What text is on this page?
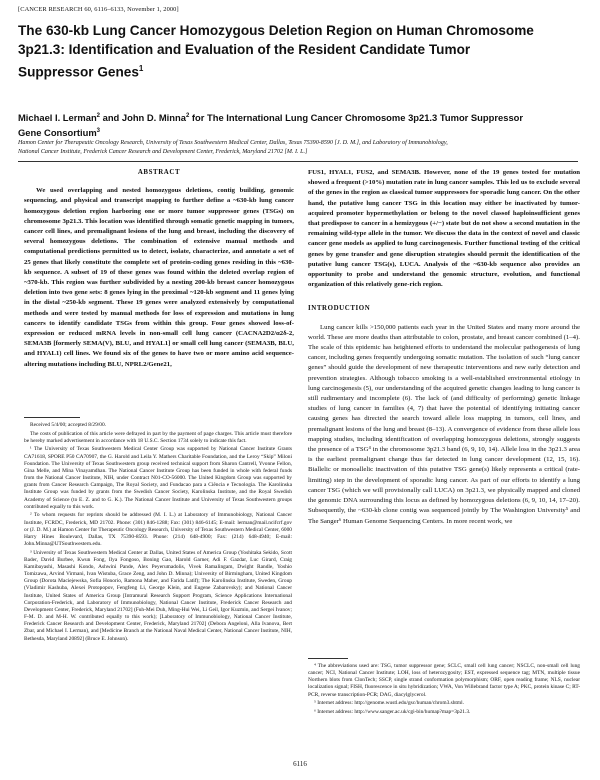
[CANCER RESEARCH 60, 6116–6133, November 1, 2000]
The 630-kb Lung Cancer Homozygous Deletion Region on Human Chromosome
3p21.3: Identification and Evaluation of the Resident Candidate Tumor
Suppressor Genes$^1$
Michael I. Lerman$^2$ and John D. Minna$^2$ for The International Lung Cancer Chromosome 3p21.3 Tumor Suppressor
Gene Consortium$^3$
Hamon Center for Therapeutic Oncology Research, University of Texas Southwestern Medical Center, Dallas, Texas 75390-8590 [J. D. M.], and Laboratory of Immunobiology,
National Cancer Institute, Frederick Cancer Research and Development Center, Frederick, Maryland 21702 [M. I. L.]
ABSTRACT

We used overlapping and nested homozygous deletions, contig building, genomic sequencing, and physical and transcript mapping to further define a ~630-kb lung cancer homozygous deletion region harboring one or more tumor suppressor genes (TSGs) on chromosome 3p21.3. This location was identified through somatic genetic mapping in tumors, cancer cell lines, and premalignant lesions of the lung and breast, including the discovery of several homozygous deletions. The combination of extensive manual methods and computational predictions permitted us to detect, isolate, characterize, and annotate a set of 25 genes that likely constitute the complete set of protein-coding genes residing in this ~630-kb sequence. A subset of 19 of these genes was found within the deleted overlap region of ~370-kb. This region was further subdivided by a nesting 200-kb breast cancer homozygous deletion into two gene sets: 8 genes lying in the proximal ~120-kb segment and 11 genes lying in the distal ~250-kb segment. These 19 genes were analyzed extensively by computational methods and were tested by manual methods for loss of expression and mutations in lung cancers to identify candidate TSGs from within this group. Four genes showed loss-of-expression or reduced mRNA levels in non-small cell lung cancer (CACNA2D2/α2δ-2, SEMA3B [formerly SEMA(V), BLU, and HYAL1] or small cell lung cancer (SEMA3B, BLU, and HYAL1) cell lines. We found six of the genes to have two or more amino acid sequence-altering mutations including BLU, NPRL2/Gene21,

Received 5/4/00; accepted 8/29/00.

The costs of publication of this article were defrayed in part by the payment of page charges. This article must therefore be hereby marked advertisement in accordance with 18 U.S.C. Section 1734 solely to indicate this fact.

¹ The University of Texas Southwestern Medical Center Group was supported by National Cancer Institute Grants CA71618, SPORE P50 CA70907, the G. Harold and Leila Y. Mathers Charitable Foundation, and the Leroy “Skip” Miloni Foundation. The University of Texas Southwestern group received technical support from Sharon Cantrell, Yvonne Fellon, Gina Melle, and Mina Vinayamdhan. The National Cancer Institute Group has been funded in whole with federal funds from the National Cancer Institute, NIH, under Contract N01-CO-56000. The United Kingdom Group was supported by grants from Cancer Research Campaign, The Royal Society, and Fundacao para a Ciência e Tecnologia. The Karolinska Institute Group was funded by grants from the Swedish Cancer Society, Karolinska Institute, and the Royal Swedish Academy of Science (to E. Z. and to G. K.). The National Cancer Institute and University of Texas Southwestern groups contributed equally to this work.

² To whom requests for reprints should be addressed (M. I. L.) at Laboratory of Immunobiology, National Cancer Institute, FCRDC, Frederick, MD 21702. Phone: (301) 846-1288; Fax: (301) 846-6145; E-mail: lerman@mail.ncifcrf.gov or (J. D. M.) at Hamon Center for Therapeutic Oncology Research, University of Texas Southwestern Medical Center, 6000 Harry Hines Boulevard, Dallas, TX 75390-8593. Phone: (214) 648-4900; Fax: (214) 648-4940; E-mail: John.Minna@UTSouthwestern.edu.

³ University of Texas Southwestern Medical Center at Dallas, United States of America Group (Yoshitaka Sekido, Scott Bader, David Burbee, Kwun Fong, Ilya Fongoso, Boning Gao, Harold Garner, Adi F. Gazdar, Luc Girard, Craig Kamibayashi, Masashi Kondo, Ashwini Pande, Alex Peyerumadolis, Vivek Ramalingam, Dwight Randle, Yoshio Tomizawa, Arvind Virmani, Ivan Wistuba, Grace Zeng, and John D. Minna); University of Birmingham, United Kingdom Group (Dorota Maciejewska, Sofia Honorio, Ramona Maher, and Farida Latif); The Karolinska Institute, Sweden, Group (Vladimir Kashuba, Alexei Protopopov, Fengfeng Li, George Klein, and Eugene Zabarovsky); and National Cancer Institute, United States of America Group [Intramural Research Support Program, Science Applications International Corporation-Frederick, and Laboratory of Immunobiology, National Cancer Institute, Frederick Cancer Research and Development Center, Frederick, Maryland 21702] (Fuh-Mei Duh, Ming-Hui Wei, Li Geil, Igor Kuzmin, and Sergei Ivanov; F-M. D. and M-H. W. contributed equally to this work); [Laboratory of Immunobiology, National Cancer Institute, Frederick Cancer Research and Development Center, Frederick, Maryland 21702] (Debora Angeloni, Alla Ivanova, Bert Zbar, and Michael I. Lerman), and [Medicine Branch at the National Naval Medical Center, National Cancer Institute, NIH, Bethesda, Maryland 20892] (Bruce E. Johnson).

FUS1, HYAL1, FUS2, and SEMA3B. However, none of the 19 genes tested for mutation showed a frequent (>10%) mutation rate in lung cancer samples. This led us to exclude several of the genes in the region as classical tumor suppressors for sporadic lung cancer. On the other hand, the putative lung cancer TSG in this location may either be inactivated by tumor-acquired promoter hypermethylation or belong to the novel classof haploinsufficient genes that predispose to cancer in a hemizygous (+/−) state but do not show a second mutation in the remaining wild-type allele in the tumor. We discuss the data in the context of novel and classic cancer gene models as applied to lung carcinogenesis. Further functional testing of the critical genes by gene transfer and gene disruption strategies should permit the identification of the putative lung cancer TSG(s), LUCA. Analysis of the ~630-kb sequence also provides an opportunity to probe and understand the genomic structure, evolution, and functional organization of this relatively gene-rich region.

INTRODUCTION

Lung cancer kills >150,000 patients each year in the United States and many more around the world. These are more deaths than attributable to colon, prostate, and breast cancer combined (1–4). The scale of this epidemic has heightened efforts to understand the molecular pathogenesis of lung cancer, including genes frequently undergoing somatic mutation. The isolation of such “lung cancer genes” should guide the development of new therapeutic interventions and new early detection and prevention strategies. Although tobacco smoking is a well-established environmental etiology in lung carcinogenesis (5), our understanding of the acquired genetic changes leading to lung cancer is still rudimentary and incomplete (6). The lack of (and difficulty of performing) genetic linkage studies of lung cancer in families (4, 7) that have the potential of identifying initiating cancer causing genes has directed the search toward allele loss mapping in tumors, cell lines, and premalignant lesions of the lung and breast (8–13). A convergence of evidence from these allele loss mapping studies, including identification of overlapping homozygous deletions, strongly suggests the presence of a TSG⁴ in the chromosome 3p21.3 band (6, 9, 10, 14). Allele loss in the 3p21.3 area is the earliest premalignant change thus far detected in lung cancer development (12, 15, 16). Biallelic or monoallelic inactivation of this putative TSG gene(s) likely represents a critical (rate-limiting) step in the development of sporadic lung cancer. As part of our efforts to identify a lung cancer TSG (which we will provisionally call LUCA) on 3p21.3, we physically mapped and cloned the genomic DNA surrounding this locus as defined by homozygous deletions (6, 9, 10, 14, 17–20). Subsequently, the ~630-kb clone contig was sequenced jointly by The Washington University⁵ and The Sanger⁶ Human Genome Sequencing Centers. In more recent work, we

⁴ The abbreviations used are: TSG, tumor suppressor gene; SCLC, small cell lung cancer; NSCLC, non-small cell lung cancer; NCI, National Cancer Institute; LOH, loss of heterozygosity; EST, expressed sequence tag; MTN, multiple tissue Northern blots from ClonTech; SSCP, single strand conformation polymorphism; ORF, open reading frame; NLS, nuclear localization signal; FISH, fluorescence in situ hybridization; VWA, Von Willebrand factor type A; PKC, protein kinase C; RT-PCR, reverse transcription-PCR; DAG, diacylglycerol.

⁵ Internet address: http://genome.wustl.edu/gsc/human/chrom3.shtml.

⁶ Internet address: http://www.sanger.ac.uk/cgi-bin/humap?map=3p21.3.

6116
